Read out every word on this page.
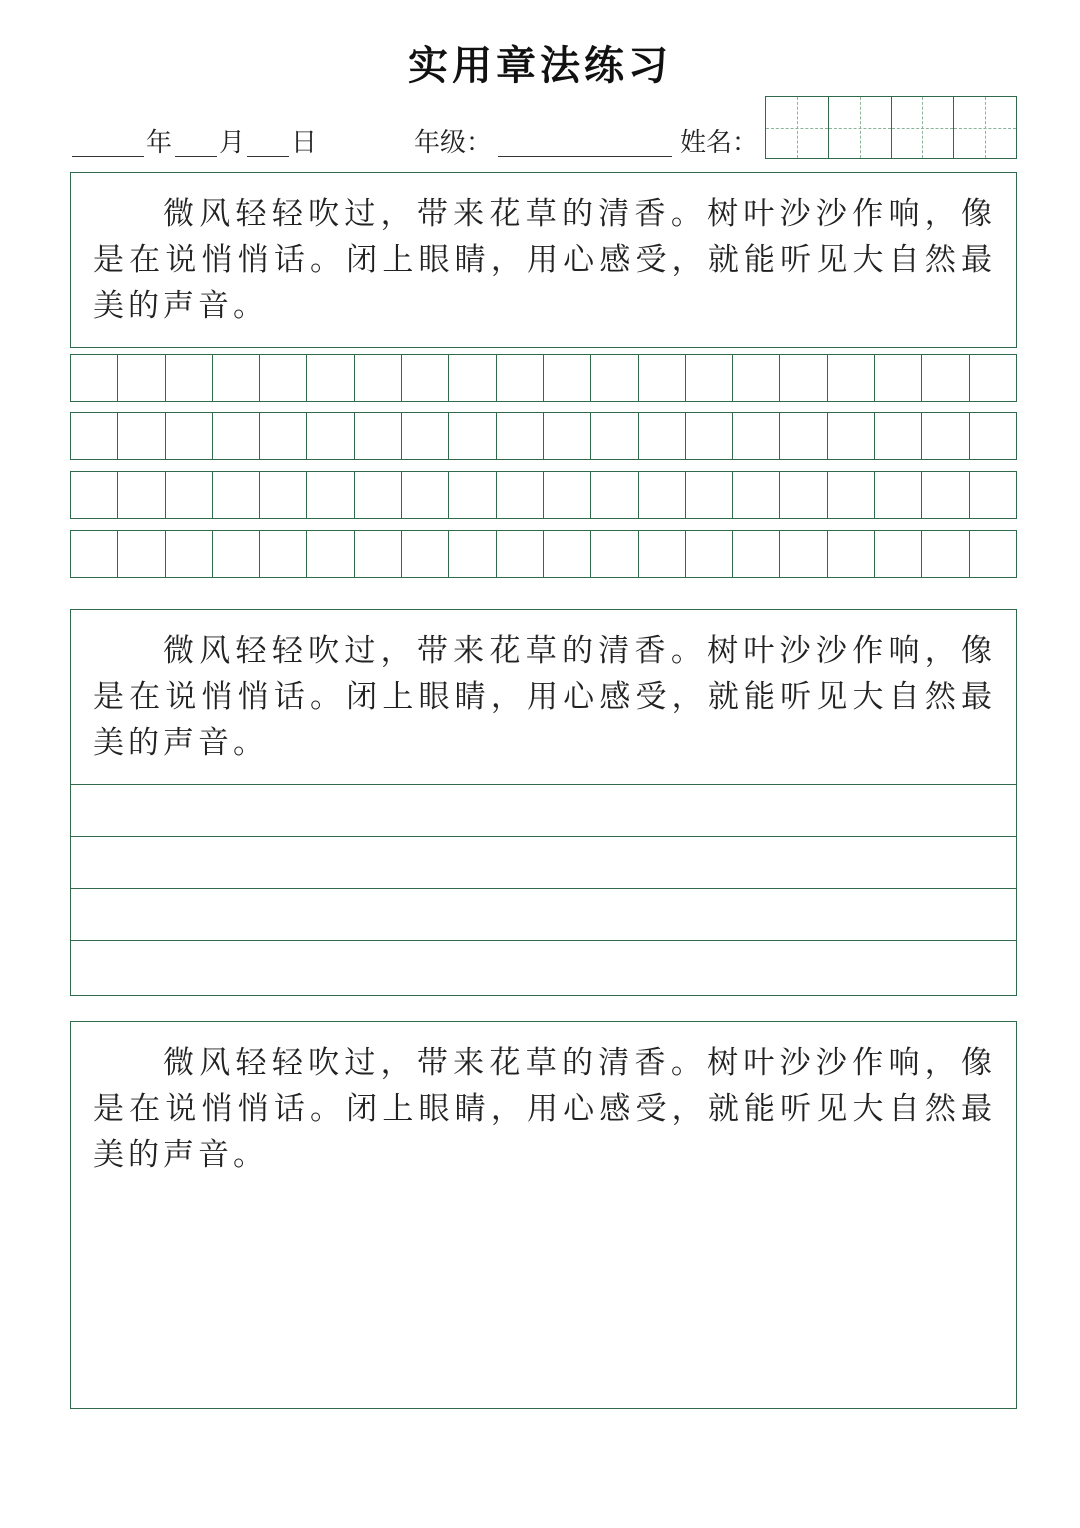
实用章法练习
年 月 日	年级：	姓名：

微风轻轻吹过，带来花草的清香。树叶沙沙作响，像是在说悄悄话。闭上眼睛，用心感受，就能听见大自然最美的声音。

微风轻轻吹过，带来花草的清香。树叶沙沙作响，像是在说悄悄话。闭上眼睛，用心感受，就能听见大自然最美的声音。

微风轻轻吹过，带来花草的清香。树叶沙沙作响，像是在说悄悄话。闭上眼睛，用心感受，就能听见大自然最美的声音。
